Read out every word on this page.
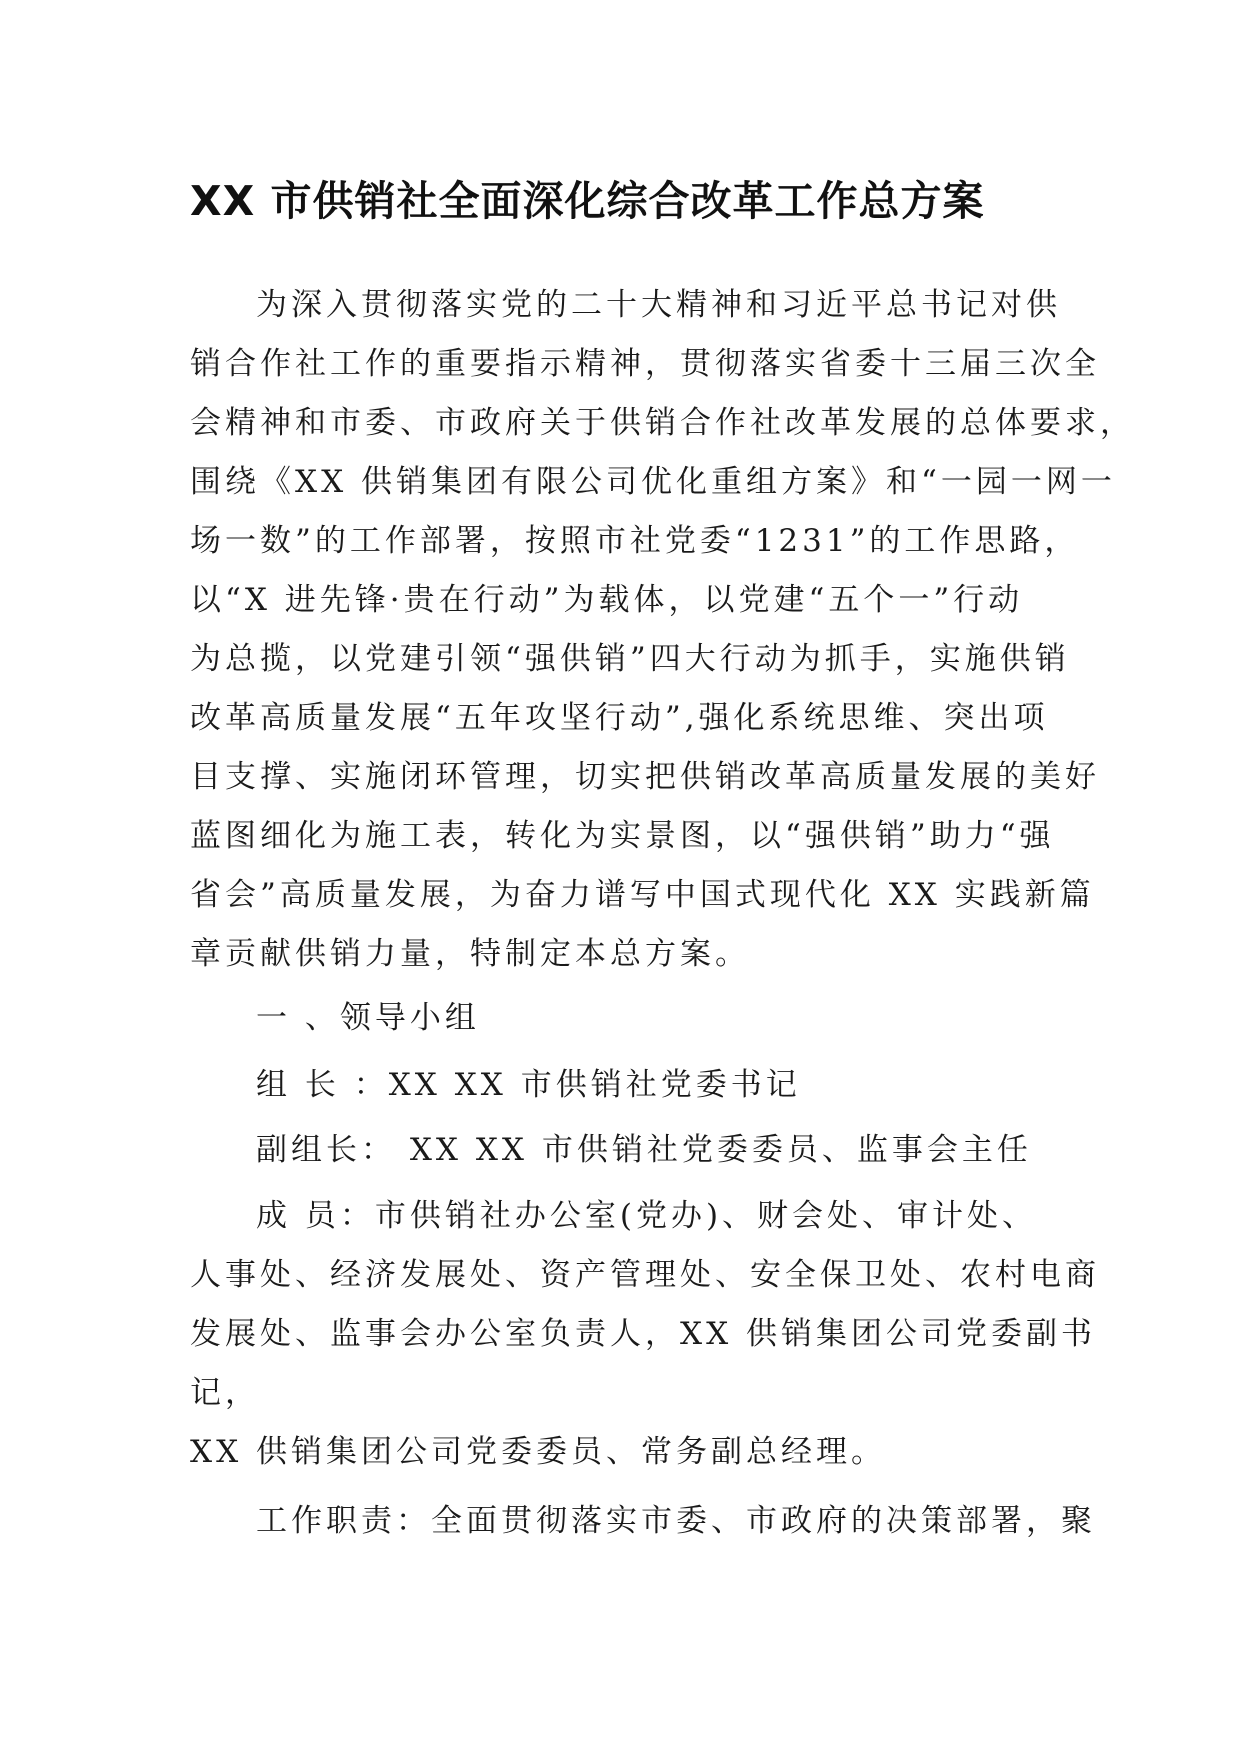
XX 市供销社全面深化综合改革工作总方案
为深入贯彻落实党的二十大精神和习近平总书记对供
销合作社工作的重要指示精神，贯彻落实省委十三届三次全
会精神和市委、市政府关于供销合作社改革发展的总体要求，
围绕《XX 供销集团有限公司优化重组方案》和“一园一网一
场一数”的工作部署，按照市社党委“1231”的工作思路，
以“X 进先锋·贵在行动”为载体，以党建“五个一”行动
为总揽，以党建引领“强供销”四大行动为抓手，实施供销
改革高质量发展“五年攻坚行动”,强化系统思维、突出项
目支撑、实施闭环管理，切实把供销改革高质量发展的美好
蓝图细化为施工表，转化为实景图，以“强供销”助力“强
省会”高质量发展，为奋力谱写中国式现代化 XX 实践新篇
章贡献供销力量，特制定本总方案。
一 、领导小组
组 长 ：XX XX 市供销社党委书记
副组长： XX XX 市供销社党委委员、监事会主任
成 员：市供销社办公室(党办)、财会处、审计处、
人事处、经济发展处、资产管理处、安全保卫处、农村电商
发展处、监事会办公室负责人，XX 供销集团公司党委副书
记，
XX 供销集团公司党委委员、常务副总经理。
工作职责：全面贯彻落实市委、市政府的决策部署，聚
